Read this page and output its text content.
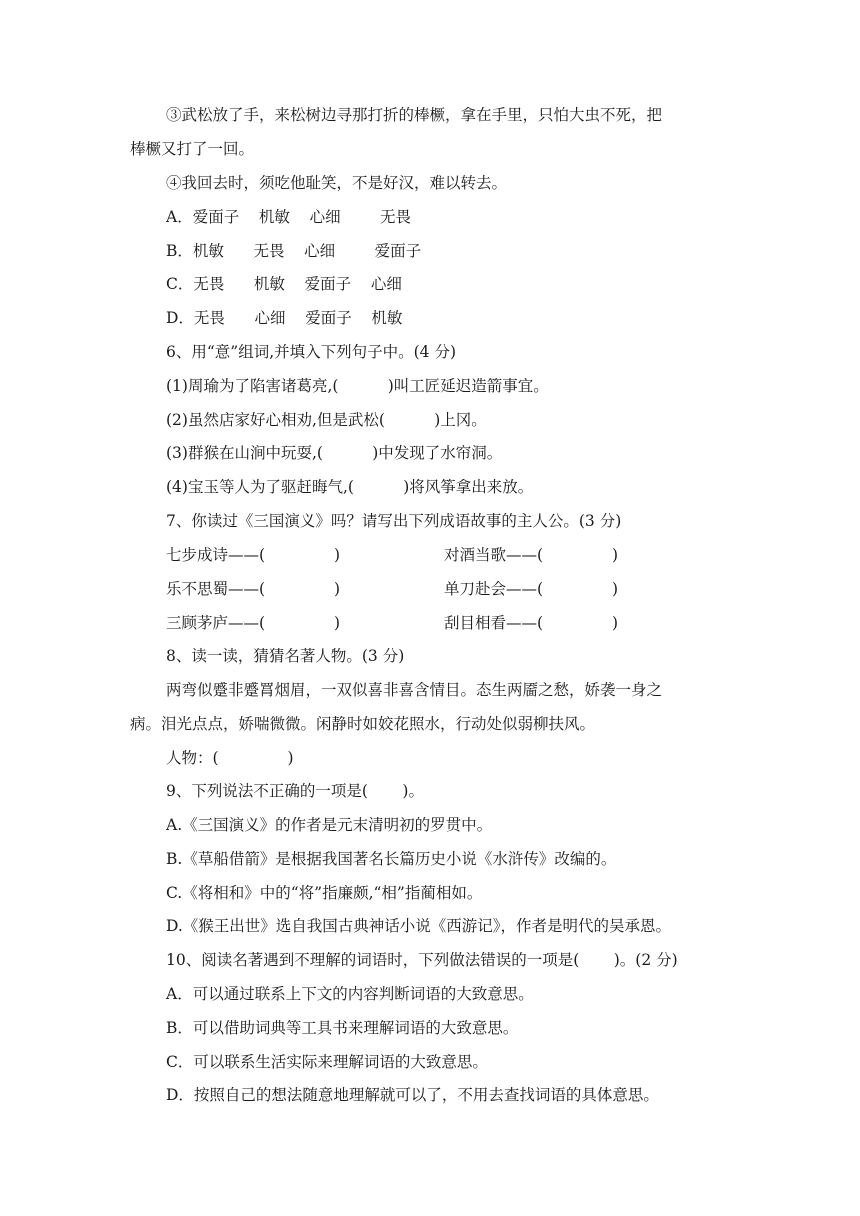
③武松放了手，来松树边寻那打折的棒橛，拿在手里，只怕大虫不死，把
棒橛又打了一回。
④我回去时，须吃他耻笑，不是好汉，难以转去。
A．爱面子    机敏    心细        无畏
B．机敏      无畏    心细        爱面子
C．无畏      机敏    爱面子    心细
D．无畏      心细    爱面子    机敏
6、用“意”组词,并填入下列句子中。(4 分)
(1)周瑜为了陷害诸葛亮,(          )叫工匠延迟造箭事宜。
(2)虽然店家好心相劝,但是武松(          )上冈。
(3)群猴在山涧中玩耍,(          )中发现了水帘洞。
(4)宝玉等人为了驱赶晦气,(          )将风筝拿出来放。
7、你读过《三国演义》吗？请写出下列成语故事的主人公。(3 分)
七步成诗——(              )	对酒当歌——(              )
乐不思蜀——(              )	单刀赴会——(              )
三顾茅庐——(              )	刮目相看——(              )
8、读一读，猜猜名著人物。(3 分)
两弯似蹙非蹙罥烟眉，一双似喜非喜含情目。态生两靥之愁，娇袭一身之
病。泪光点点，娇喘微微。闲静时如姣花照水，行动处似弱柳扶风。
人物：(              )
9、下列说法不正确的一项是(       )。
A.《三国演义》的作者是元末清明初的罗贯中。
B.《草船借箭》是根据我国著名长篇历史小说《水浒传》改编的。
C.《将相和》中的“将”指廉颇,“相”指蔺相如。
D.《猴王出世》选自我国古典神话小说《西游记》，作者是明代的吴承恩。
10、阅读名著遇到不理解的词语时，下列做法错误的一项是(       )。(2 分)
A．可以通过联系上下文的内容判断词语的大致意思。
B．可以借助词典等工具书来理解词语的大致意思。
C．可以联系生活实际来理解词语的大致意思。
D．按照自己的想法随意地理解就可以了，不用去查找词语的具体意思。
